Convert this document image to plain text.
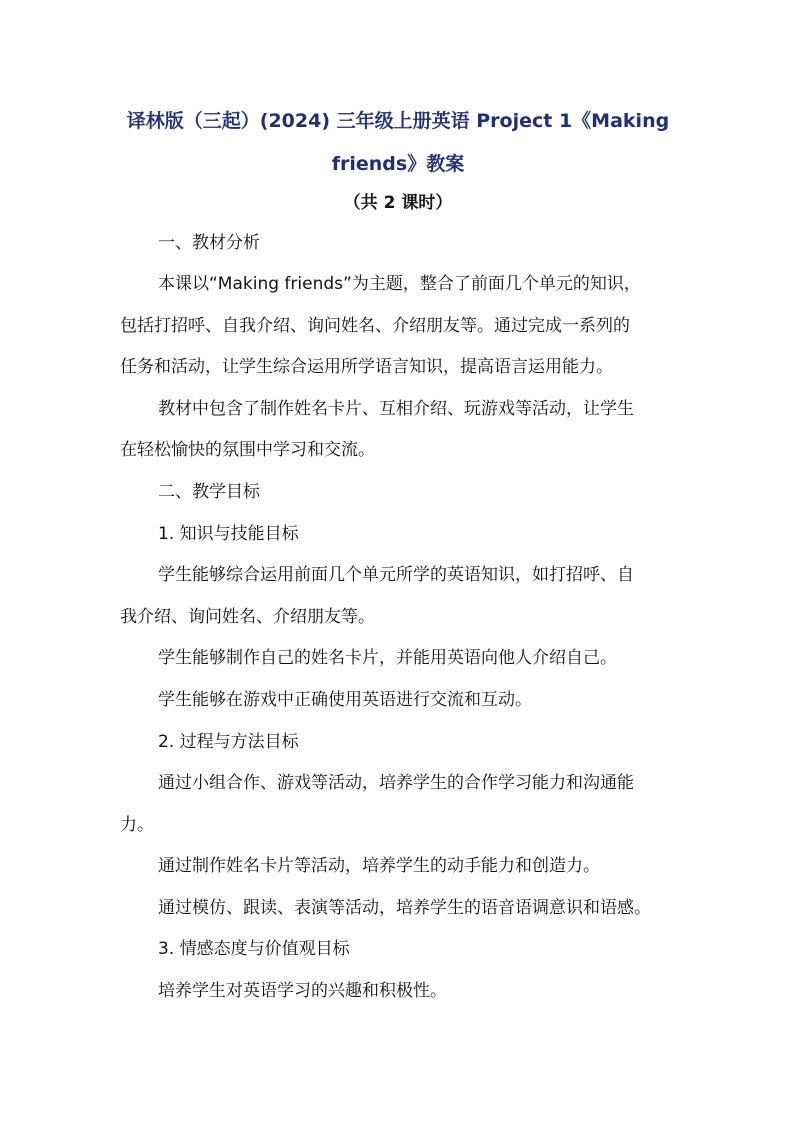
译林版（三起）(2024) 三年级上册英语 Project 1《Making
friends》教案
（共 2 课时）
一、教材分析
本课以“Making friends”为主题，整合了前面几个单元的知识，
包括打招呼、自我介绍、询问姓名、介绍朋友等。通过完成一系列的
任务和活动，让学生综合运用所学语言知识，提高语言运用能力。
教材中包含了制作姓名卡片、互相介绍、玩游戏等活动，让学生
在轻松愉快的氛围中学习和交流。
二、教学目标
1. 知识与技能目标
学生能够综合运用前面几个单元所学的英语知识，如打招呼、自
我介绍、询问姓名、介绍朋友等。
学生能够制作自己的姓名卡片，并能用英语向他人介绍自己。
学生能够在游戏中正确使用英语进行交流和互动。
2. 过程与方法目标
通过小组合作、游戏等活动，培养学生的合作学习能力和沟通能
力。
通过制作姓名卡片等活动，培养学生的动手能力和创造力。
通过模仿、跟读、表演等活动，培养学生的语音语调意识和语感。
3. 情感态度与价值观目标
培养学生对英语学习的兴趣和积极性。
